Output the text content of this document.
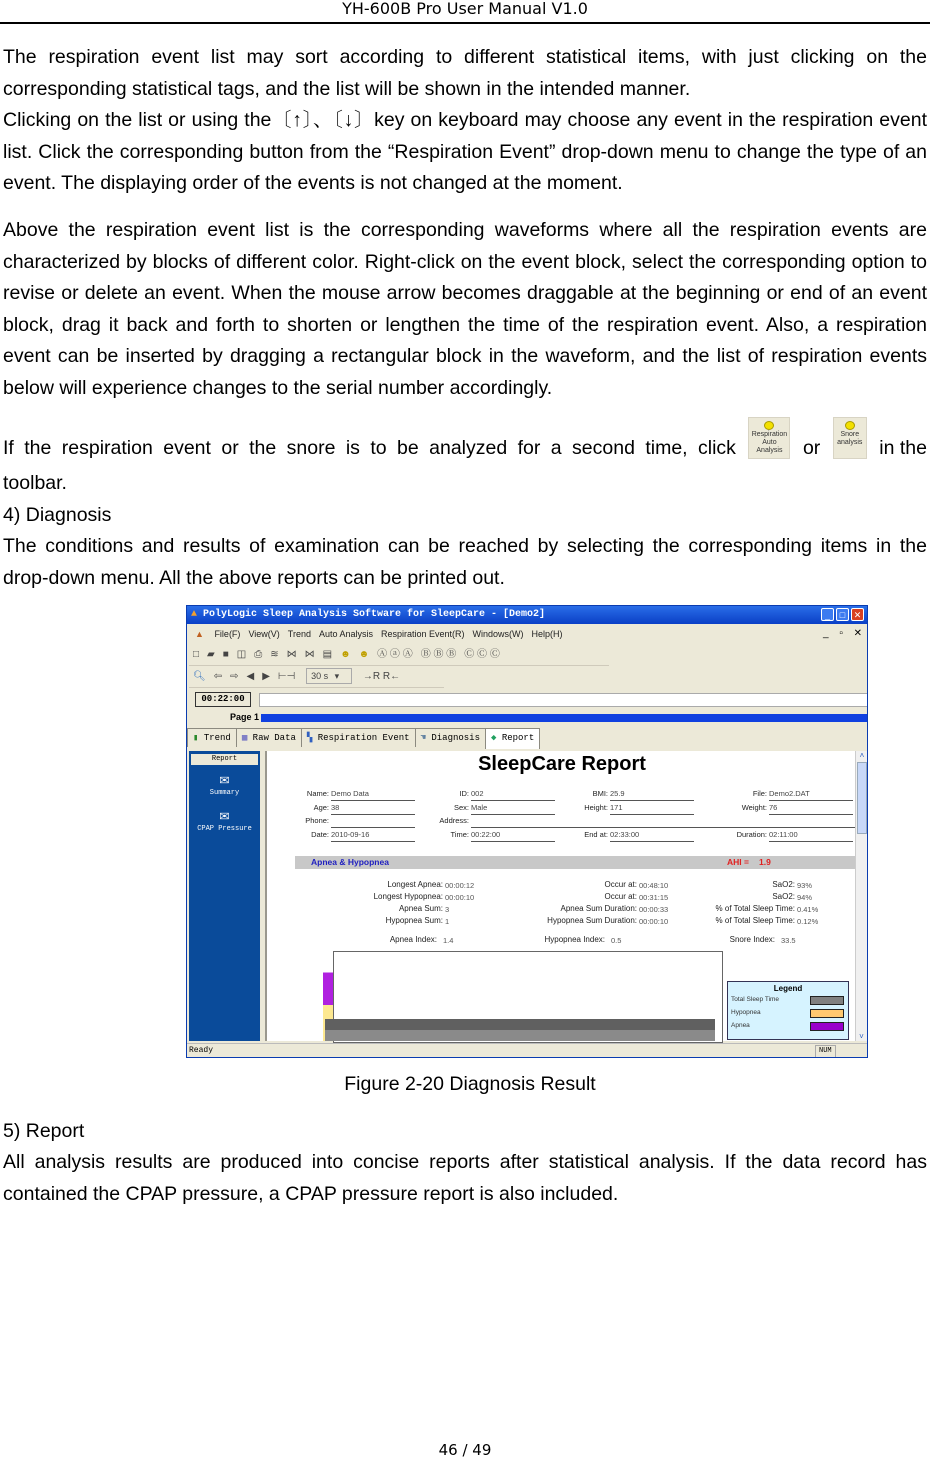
YH-600B Pro User Manual V1.0
The respiration event list may sort according to different statistical items, with just clicking on the corresponding statistical tags, and the list will be shown in the intended manner.
Clicking on the list or using the〔↑〕、〔↓〕key on keyboard may choose any event in the respiration event list. Click the corresponding button from the “Respiration Event” drop-down menu to change the type of an event. The displaying order of the events is not changed at the moment.
Above the respiration event list is the corresponding waveforms where all the respiration events are characterized by blocks of different color. Right-click on the event block, select the corresponding option to revise or delete an event. When the mouse arrow becomes draggable at the beginning or end of an event block, drag it back and forth to shorten or lengthen the time of the respiration event. Also, a respiration event can be inserted by dragging a rectangular block in the waveform, and the list of respiration events below will experience changes to the serial number accordingly.
If the respiration event or the snore is to be analyzed for a second time, click
Respiration Auto Analysis	or
Snore analysis in the
toolbar.
4) Diagnosis
The conditions and results of examination can be reached by selecting the corresponding items in the drop-down menu. All the above reports can be printed out.
▲ PolyLogic Sleep Analysis Software for SleepCare - [Demo2]	_	□ ✕
▲ File(F) View(V) Trend Auto Analysis Respiration Event(R) Windows(W) Help(H)	_ ▫ ✕
□ ▰ ■ ◫ ⎙ ≋ ⋈ ⋈ ▤ ☻ ☻ Ⓐ ⓐ Ⓐ Ⓑ Ⓑ Ⓑ Ⓒ Ⓒ Ⓒ
🔍︎ ⇦ ⇨ ◀ ▶ ⊢⊣ 30 s ▾ →R R←
00:22:00
Page 1
▮ Trend ▦ Raw Data ▚ Respiration Event ☚ Diagnosis ◆ Report
Report
✉
Summary
✉
CPAP Pressure
SleepCare Report
Name: Demo Data	ID: 002	BMI: 25.9	File: Demo2.DAT
Age: 38	Sex: Male	Height: 171	Weight: 76
Phone:	Address:
Date: 2010-09-16	Time: 00:22:00	End at: 02:33:00	Duration: 02:11:00
Apnea & Hypopnea	AHI = 1.9
Longest Apnea: 00:00:12	Occur at: 00:48:10	SaO2: 93%
Longest Hypopnea: 00:00:10	Occur at: 00:31:15	SaO2: 94%
Apnea Sum: 3	Apnea Sum Duration: 00:00:33	% of Total Sleep Time: 0.41%
Hypopnea Sum: 1	Hypopnea Sum Duration: 00:00:10	% of Total Sleep Time: 0.12%
Apnea Index: 1.4	Hypopnea Index: 0.5	Snore Index: 33.5
Legend
Total Sleep Time
Hypopnea
Apnea
˄
˅
Ready	NUM
Figure 2-20 Diagnosis Result
5) Report
All analysis results are produced into concise reports after statistical analysis. If the data record has contained the CPAP pressure, a CPAP pressure report is also included.
46 / 49
